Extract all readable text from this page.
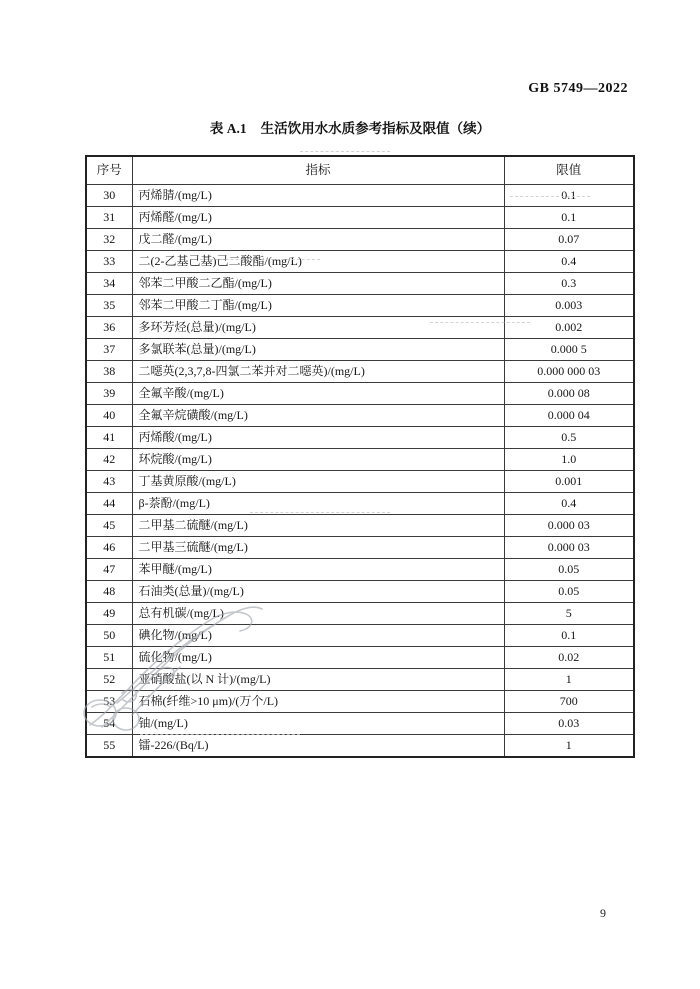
GB 5749—2022
表 A.1 生活饮用水水质参考指标及限值（续）
序号	指标	限值
30	丙烯腈/(mg/L)	0.1
31	丙烯醛/(mg/L)	0.1
32	戊二醛/(mg/L)	0.07
33	二(2-乙基己基)己二酸酯/(mg/L)	0.4
34	邻苯二甲酸二乙酯/(mg/L)	0.3
35	邻苯二甲酸二丁酯/(mg/L)	0.003
36	多环芳烃(总量)/(mg/L)	0.002
37	多氯联苯(总量)/(mg/L)	0.000 5
38	二噁英(2,3,7,8-四氯二苯并对二噁英)/(mg/L)	0.000 000 03
39	全氟辛酸/(mg/L)	0.000 08
40	全氟辛烷磺酸/(mg/L)	0.000 04
41	丙烯酸/(mg/L)	0.5
42	环烷酸/(mg/L)	1.0
43	丁基黄原酸/(mg/L)	0.001
44	β-萘酚/(mg/L)	0.4
45	二甲基二硫醚/(mg/L)	0.000 03
46	二甲基三硫醚/(mg/L)	0.000 03
47	苯甲醚/(mg/L)	0.05
48	石油类(总量)/(mg/L)	0.05
49	总有机碳/(mg/L)	5
50	碘化物/(mg/L)	0.1
51	硫化物/(mg/L)	0.02
52	亚硝酸盐(以 N 计)/(mg/L)	1
53	石棉(纤维>10 μm)/(万个/L)	700
54	铀/(mg/L)	0.03
55	镭-226/(Bq/L)	1
9
